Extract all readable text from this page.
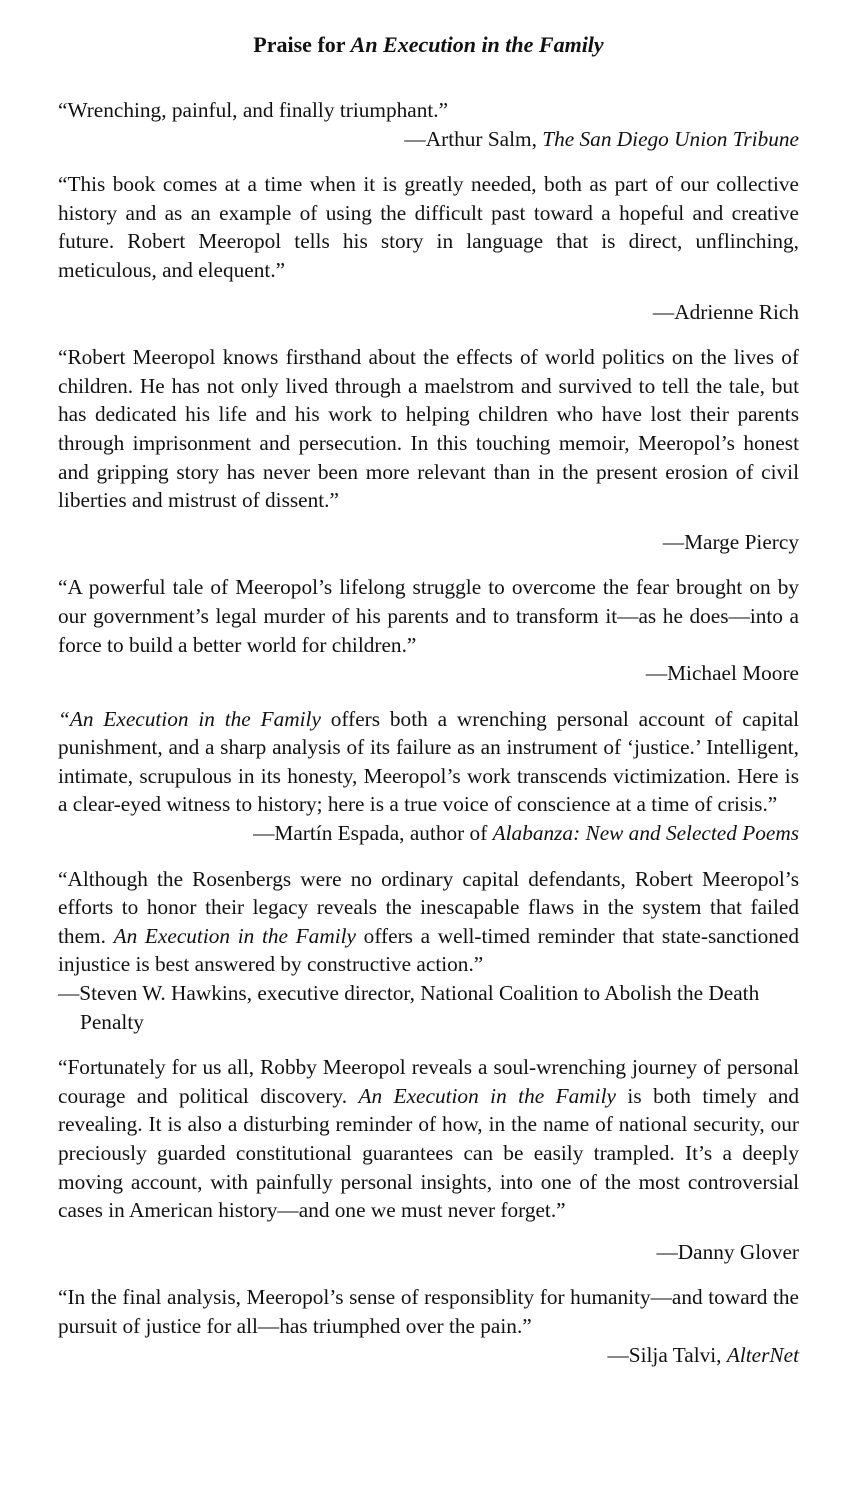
Praise for An Execution in the Family

“Wrenching, painful, and finally triumphant.”

—Arthur Salm, The San Diego Union Tribune

“This book comes at a time when it is greatly needed, both as part of our collective history and as an example of using the difficult past toward a hopeful and creative future. Robert Meeropol tells his story in language that is direct, unflinching, meticulous, and elequent.”

—Adrienne Rich

“Robert Meeropol knows firsthand about the effects of world politics on the lives of children. He has not only lived through a maelstrom and survived to tell the tale, but has dedicated his life and his work to helping children who have lost their parents through imprisonment and persecution. In this touching memoir, Meeropol’s honest and gripping story has never been more relevant than in the present erosion of civil liberties and mistrust of dissent.”

—Marge Piercy

“A powerful tale of Meeropol’s lifelong struggle to overcome the fear brought on by our government’s legal murder of his parents and to transform it—as he does—into a force to build a better world for children.”

—Michael Moore

“An Execution in the Family offers both a wrenching personal account of capital punishment, and a sharp analysis of its failure as an instrument of ‘justice.’ Intelligent, intimate, scrupulous in its honesty, Meeropol’s work transcends victimization. Here is a clear-eyed witness to history; here is a true voice of conscience at a time of crisis.”

—Martín Espada, author of Alabanza: New and Selected Poems

“Although the Rosenbergs were no ordinary capital defendants, Robert Meeropol’s efforts to honor their legacy reveals the inescapable flaws in the system that failed them. An Execution in the Family offers a well-timed reminder that state-sanctioned injustice is best answered by constructive action.”

—Steven W. Hawkins, executive director, National Coalition to Abolish the Death Penalty

“Fortunately for us all, Robby Meeropol reveals a soul-wrenching journey of personal courage and political discovery. An Execution in the Family is both timely and revealing. It is also a disturbing reminder of how, in the name of national security, our preciously guarded constitutional guarantees can be easily trampled. It’s a deeply moving account, with painfully personal insights, into one of the most controversial cases in American history—and one we must never forget.”

—Danny Glover

“In the final analysis, Meeropol’s sense of responsiblity for humanity—and toward the pursuit of justice for all—has triumphed over the pain.”

—Silja Talvi, AlterNet
